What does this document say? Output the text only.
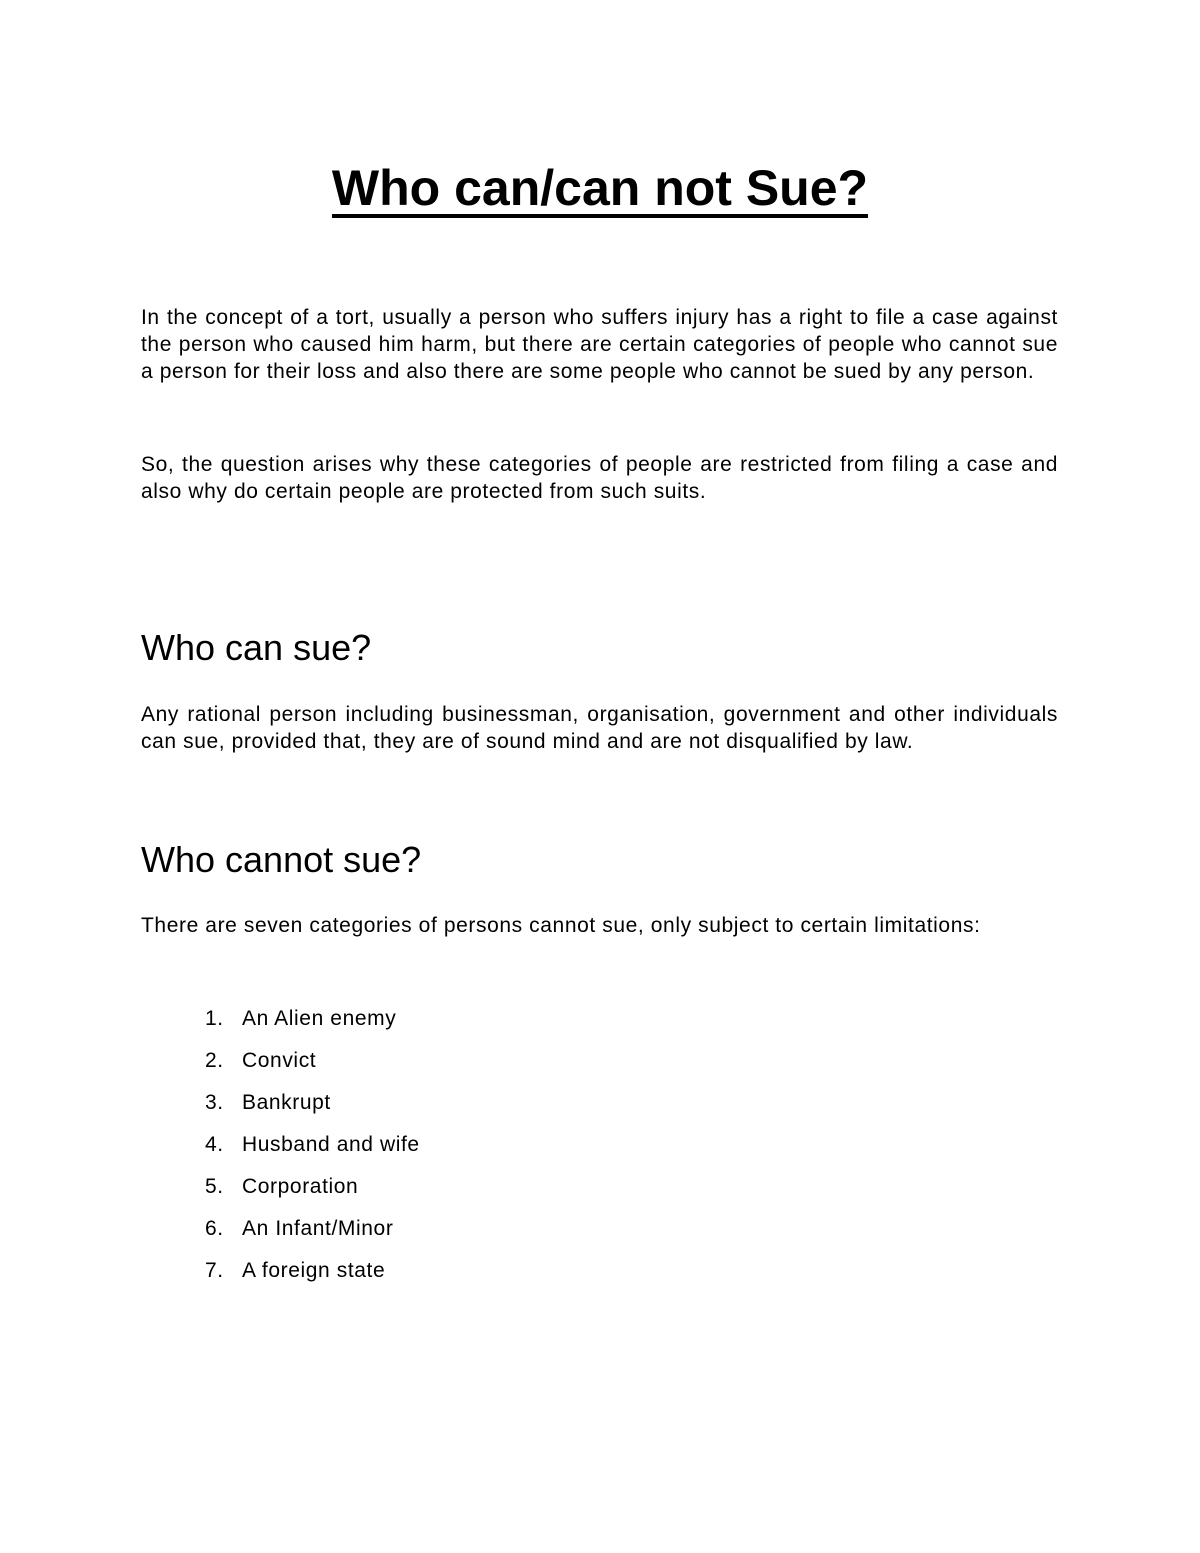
Who can/can not Sue?

In the concept of a tort, usually a person who suffers injury has a right to file a case against the person who caused him harm, but there are certain categories of people who cannot sue a person for their loss and also there are some people who cannot be sued by any person.

So, the question arises why these categories of people are restricted from filing a case and also why do certain people are protected from such suits.

Who can sue?

Any rational person including businessman, organisation, government and other individuals can sue, provided that, they are of sound mind and are not disqualified by law.

Who cannot sue?

There are seven categories of persons cannot sue, only subject to certain limitations:

1. An Alien enemy
2. Convict
3. Bankrupt
4. Husband and wife
5. Corporation
6. An Infant/Minor
7. A foreign state
